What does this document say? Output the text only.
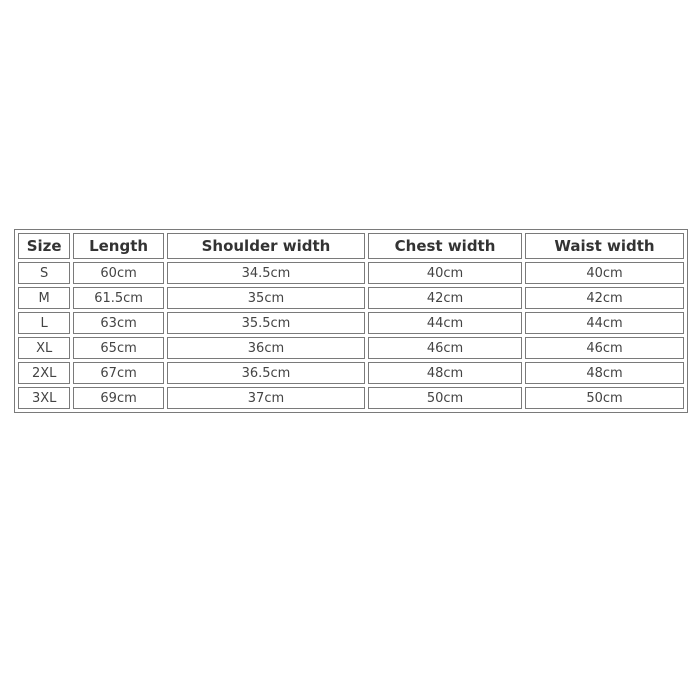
Size	Length	Shoulder width	Chest width	Waist width
S	60cm	34.5cm	40cm	40cm
M	61.5cm	35cm	42cm	42cm
L	63cm	35.5cm	44cm	44cm
XL	65cm	36cm	46cm	46cm
2XL	67cm	36.5cm	48cm	48cm
3XL	69cm	37cm	50cm	50cm
